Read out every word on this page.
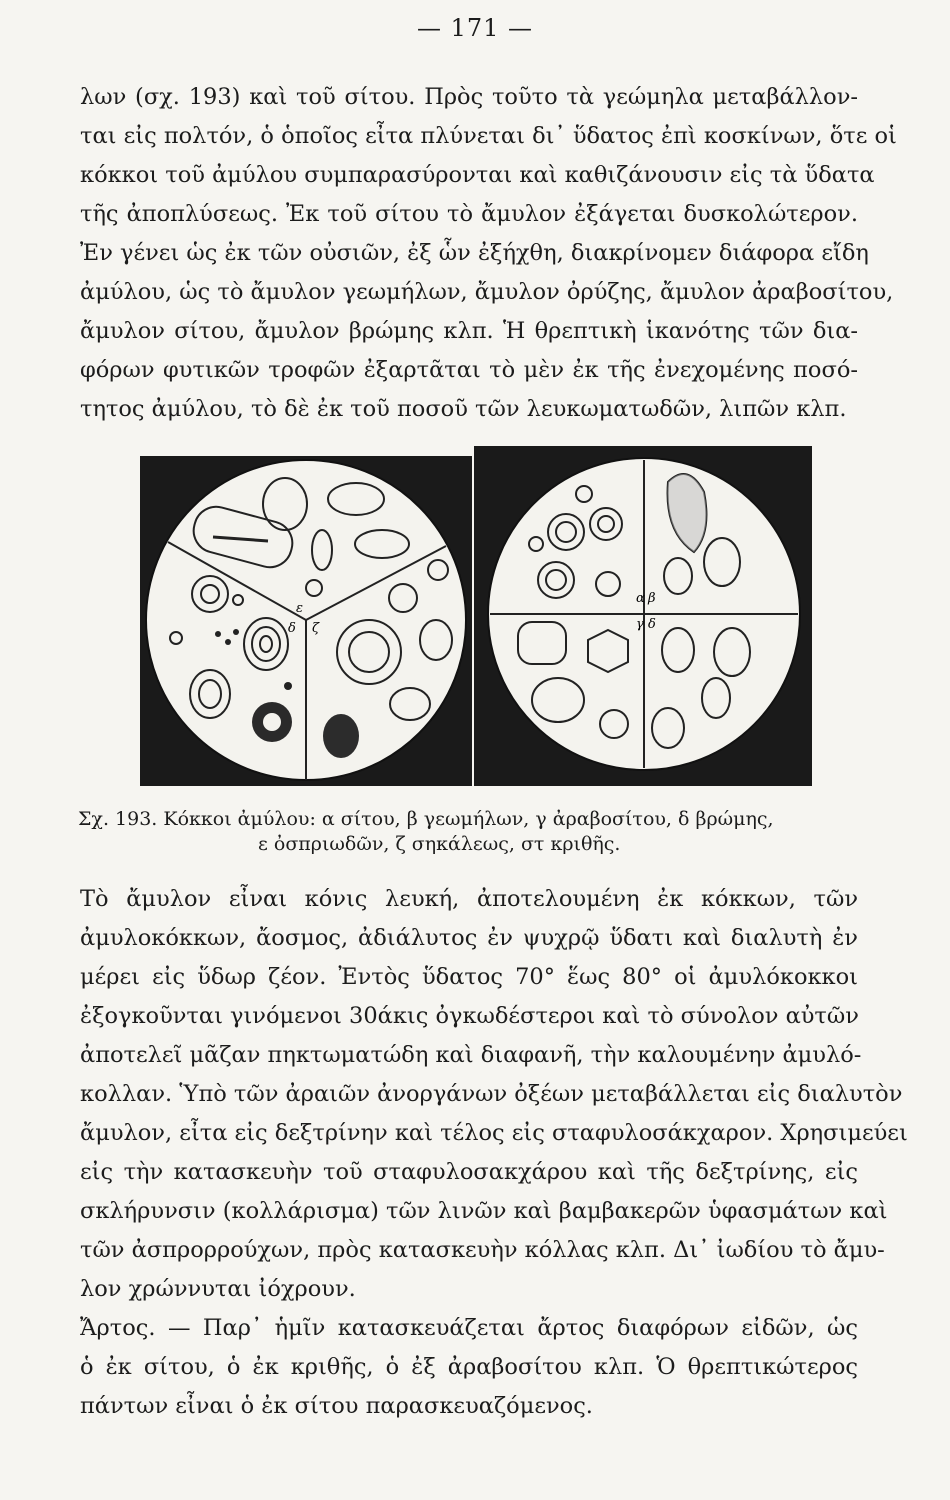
— 171 —
λων (σχ. 193) καὶ τοῦ σίτου. Πρὸς τοῦτο τὰ γεώμηλα μεταβάλλον-
ται εἰς πολτόν, ὁ ὁποῖος εἶτα πλύνεται δι᾽ ὕδατος ἐπὶ κοσκίνων, ὅτε οἱ
κόκκοι τοῦ ἀμύλου συμπαρασύρονται καὶ καθιζάνουσιν εἰς τὰ ὕδατα
τῆς ἀποπλύσεως. Ἐκ τοῦ σίτου τὸ ἄμυλον ἐξάγεται δυσκολώτερον.
Ἐν γένει ὡς ἐκ τῶν οὐσιῶν, ἐξ ὧν ἐξήχθη, διακρίνομεν διάφορα εἴδη
ἀμύλου, ὡς τὸ ἄμυλον γεωμήλων, ἄμυλον ὀρύζης, ἄμυλον ἀραβοσίτου,
ἄμυλον σίτου, ἄμυλον βρώμης κλπ. Ἡ θρεπτικὴ ἱκανότης τῶν δια-
φόρων φυτικῶν τροφῶν ἐξαρτᾶται τὸ μὲν ἐκ τῆς ἐνεχομένης ποσό-
τητος ἀμύλου, τὸ δὲ ἐκ τοῦ ποσοῦ τῶν λευκωματωδῶν, λιπῶν κλπ.
ε
δ ζ
α β
γ δ
Σχ. 193. Κόκκοι ἀμύλου: α σίτου, β γεωμήλων, γ ἀραβοσίτου, δ βρώμης,
ε ὀσπριωδῶν, ζ σηκάλεως, στ κριθῆς.
Τὸ ἄμυλον εἶναι κόνις λευκή, ἀποτελουμένη ἐκ κόκκων, τῶν
ἀμυλοκόκκων, ἄοσμος, ἀδιάλυτος ἐν ψυχρῷ ὕδατι καὶ διαλυτὴ ἐν
μέρει εἰς ὕδωρ ζέον. Ἐντὸς ὕδατος 70° ἕως 80° οἱ ἀμυλόκοκκοι
ἐξογκοῦνται γινόμενοι 30άκις ὀγκωδέστεροι καὶ τὸ σύνολον αὐτῶν
ἀποτελεῖ μᾶζαν πηκτωματώδη καὶ διαφανῆ, τὴν καλουμένην ἀμυλό-
κολλαν. Ὑπὸ τῶν ἀραιῶν ἀνοργάνων ὀξέων μεταβάλλεται εἰς διαλυτὸν
ἄμυλον, εἶτα εἰς δεξτρίνην καὶ τέλος εἰς σταφυλοσάκχαρον. Χρησιμεύει
εἰς τὴν κατασκευὴν τοῦ σταφυλοσακχάρου καὶ τῆς δεξτρίνης, εἰς
σκλήρυνσιν (κολλάρισμα) τῶν λινῶν καὶ βαμβακερῶν ὑφασμάτων καὶ
τῶν ἀσπρορρούχων, πρὸς κατασκευὴν κόλλας κλπ. Δι᾽ ἰωδίου τὸ ἄμυ-
λον χρώννυται ἰόχρουν.
Ἄρτος. — Παρ᾽ ἡμῖν κατασκευάζεται ἄρτος διαφόρων εἰδῶν, ὡς
ὁ ἐκ σίτου, ὁ ἐκ κριθῆς, ὁ ἐξ ἀραβοσίτου κλπ. Ὁ θρεπτικώτερος
πάντων εἶναι ὁ ἐκ σίτου παρασκευαζόμενος.
